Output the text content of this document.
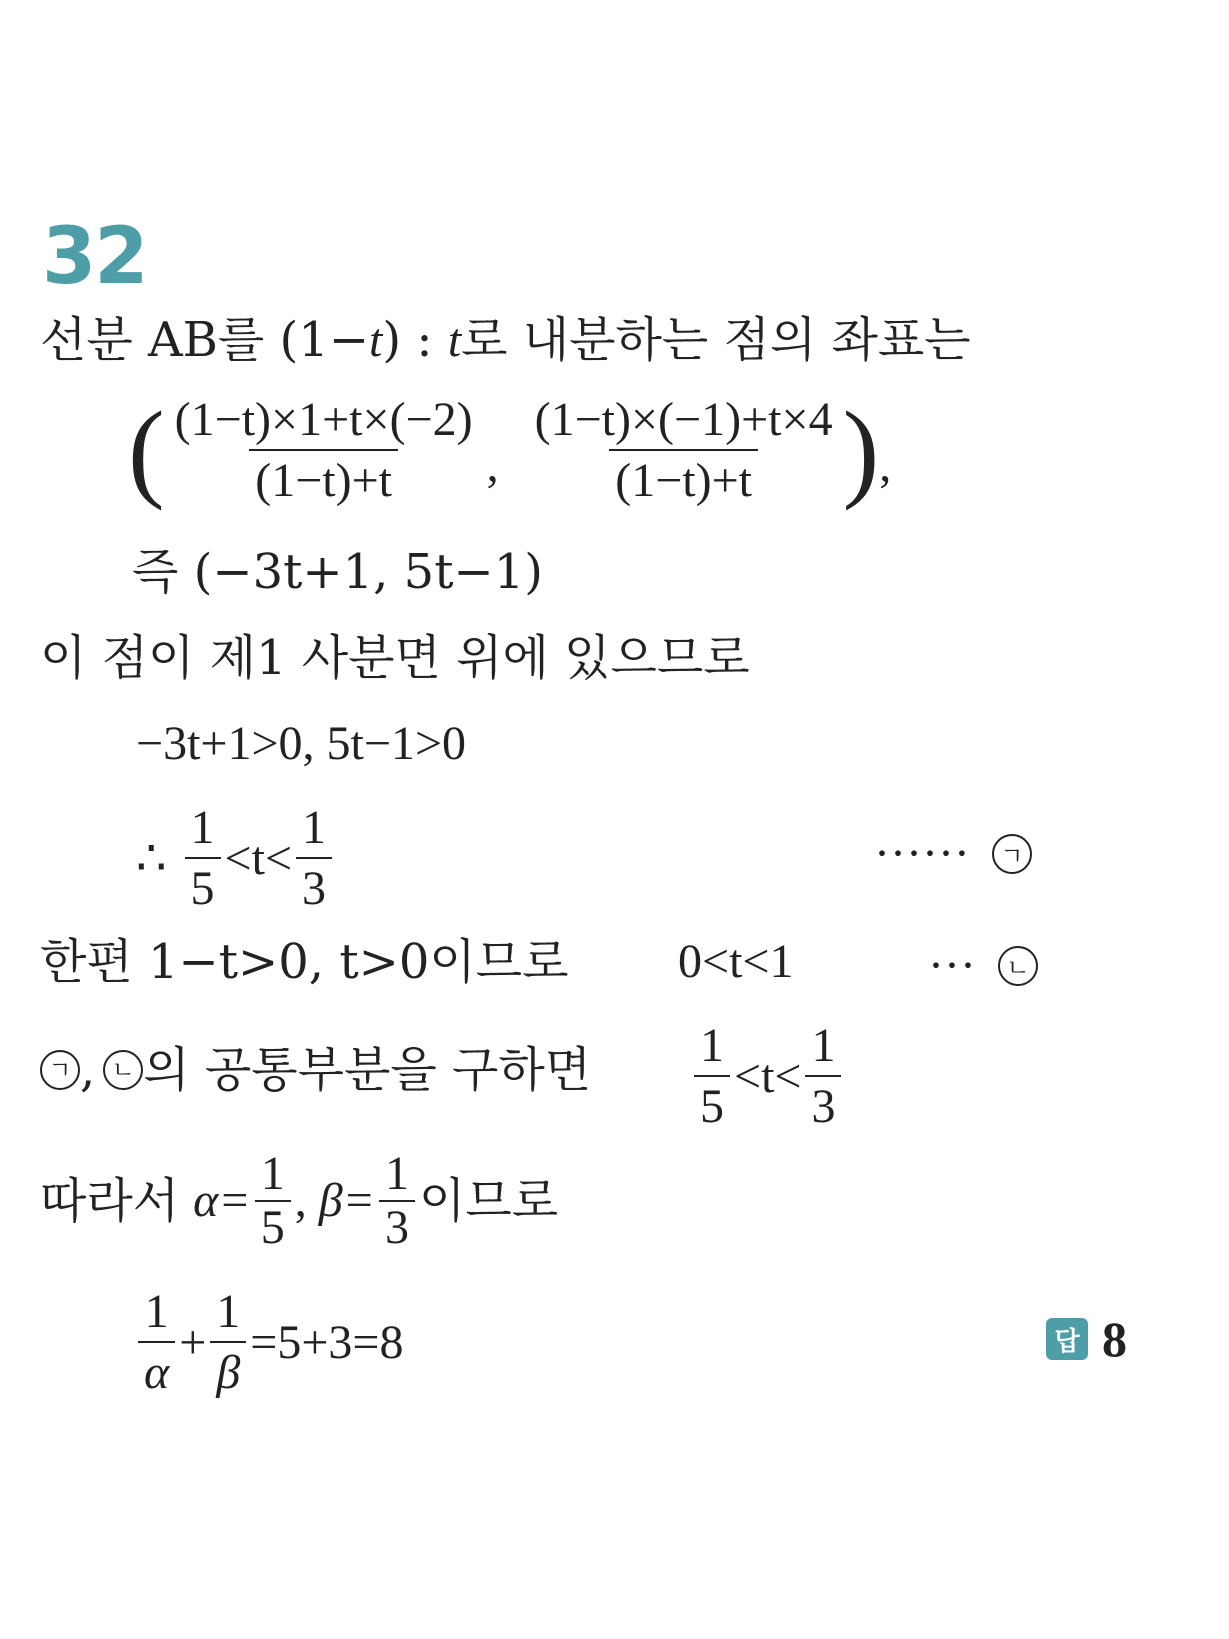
32
선분 AB를 (1−t) : t로 내분하는 점의 좌표는
( $\frac{(1-t)\times 1+t\times(-2)}{(1-t)+t}$ , $\frac{(1-t)\times(-1)+t\times 4}{(1-t)+t}$ ) ,
즉 (−3t+1, 5t−1)
이 점이 제1 사분면 위에 있으므로
−3t+1>0, 5t−1>0
∴ $\frac{1}{5} <t< \frac{1}{3}$	······	ㄱ
한편 1−t>0, t>0이므로 0<t<1	···	ㄴ
ㄱ , ㄴ 의 공통부분을 구하면 $\frac{1}{5} <t< \frac{1}{3}$
따라서 $\alpha= \frac{1}{5}$ , $\beta= \frac{1}{3}$ 이므로
$\frac{1}{\alpha} + \frac{1}{\beta} =5+3=8$	답 8
